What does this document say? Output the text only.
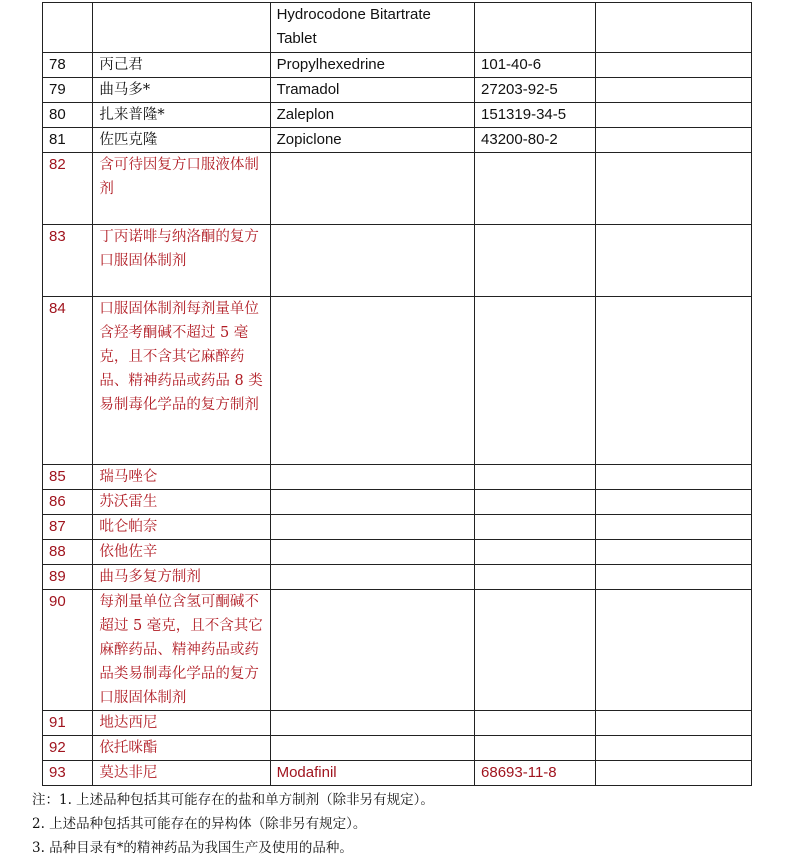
		Hydrocodone Bitartrate Tablet		
78	丙己君	Propylhexedrine	101-40-6	
79	曲马多*	Tramadol	27203-92-5	
80	扎来普隆*	Zaleplon	151319-34-5	
81	佐匹克隆	Zopiclone	43200-80-2	
82	含可待因复方口服液体制剂			
83	丁丙诺啡与纳洛酮的复方口服固体制剂			
84	口服固体制剂每剂量单位含羟考酮碱不超过 5 毫克，且不含其它麻醉药品、精神药品或药品 8 类易制毒化学品的复方制剂			
85	瑞马唑仑			
86	苏沃雷生			
87	吡仑帕奈			
88	依他佐辛			
89	曲马多复方制剂			
90	每剂量单位含氢可酮碱不超过 5 毫克，且不含其它麻醉药品、精神药品或药品类易制毒化学品的复方口服固体制剂			
91	地达西尼			
92	依托咪酯			
93	莫达非尼	Modafinil	68693-11-8	
注：1. 上述品种包括其可能存在的盐和单方制剂（除非另有规定）。
2. 上述品种包括其可能存在的异构体（除非另有规定）。
3. 品种目录有*的精神药品为我国生产及使用的品种。
